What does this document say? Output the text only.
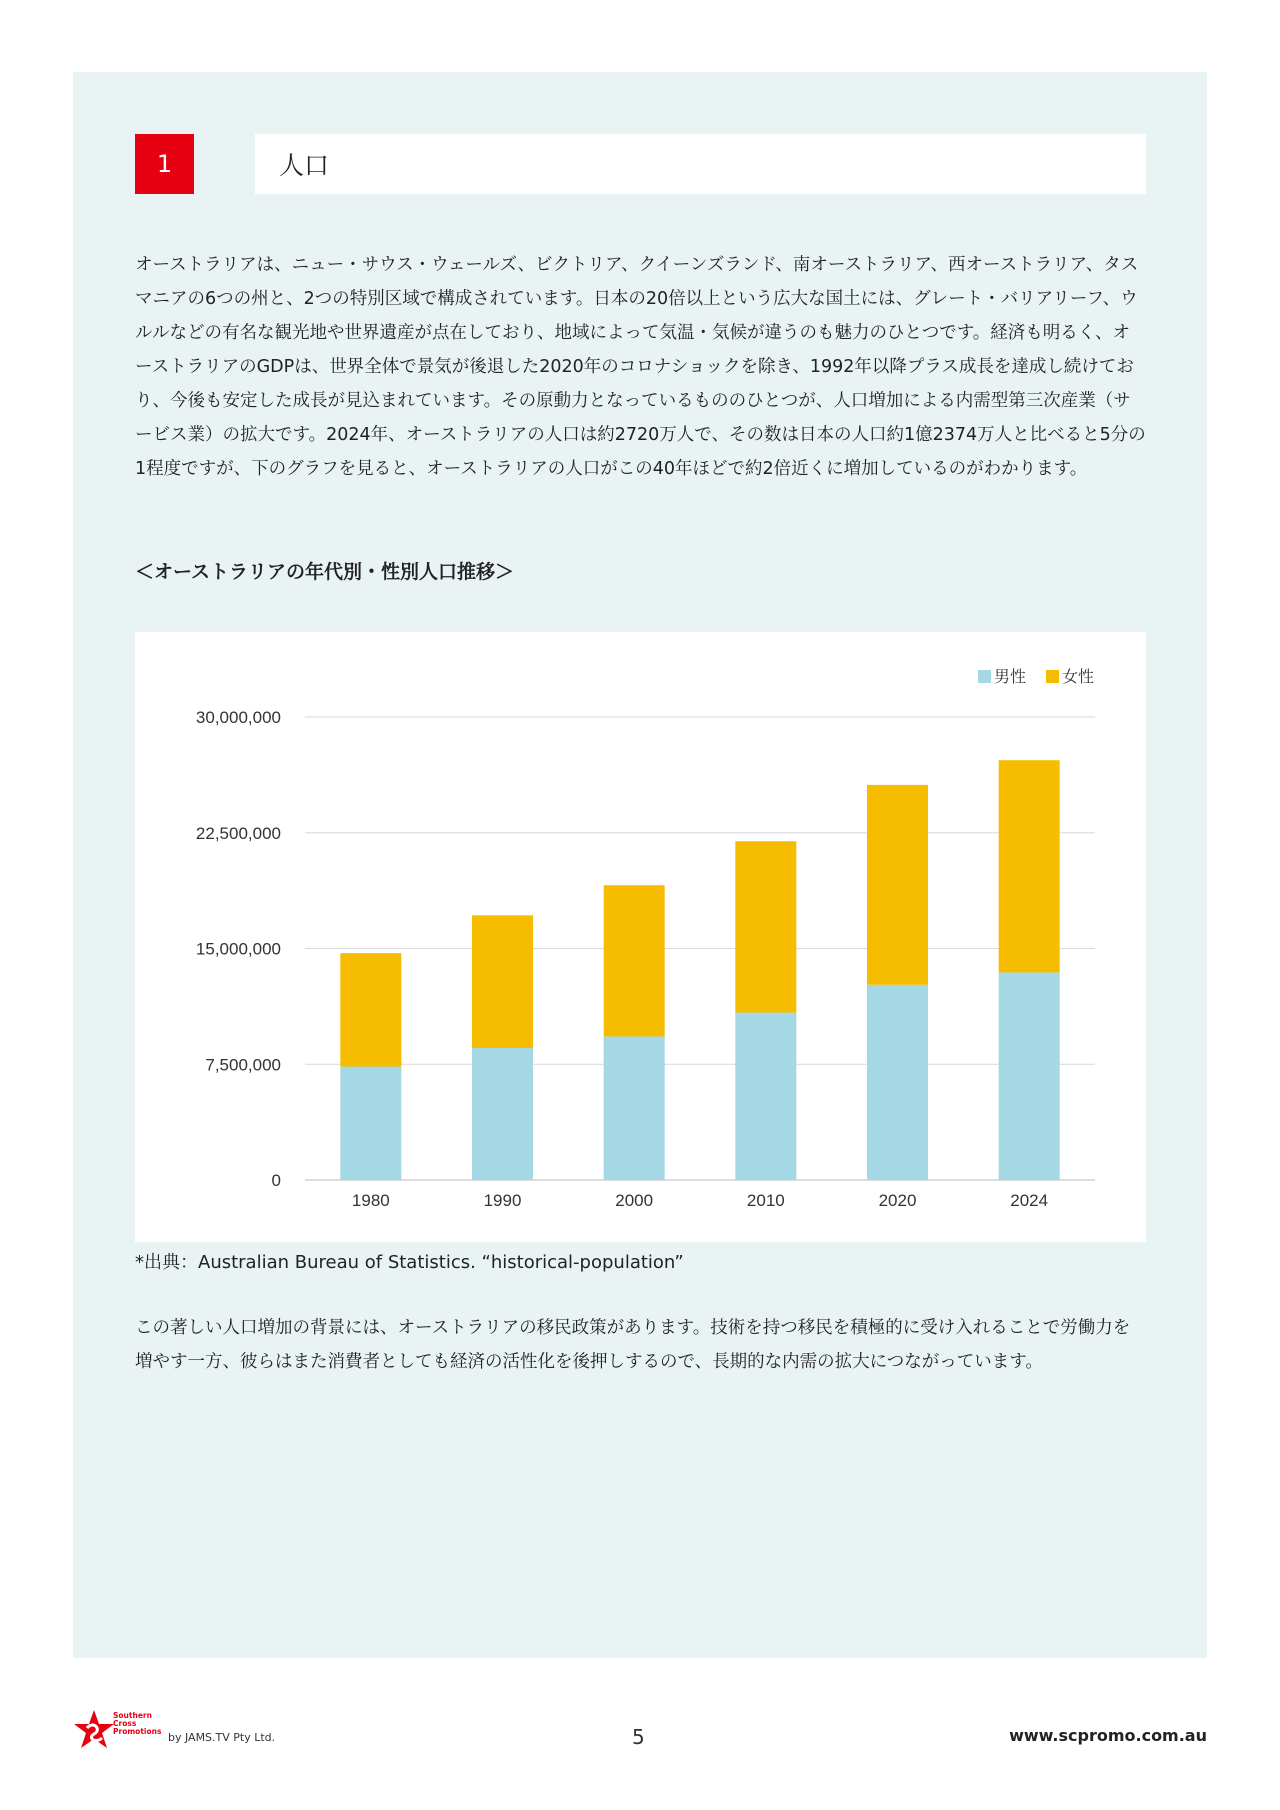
1	人口

オーストラリアは、ニュー・サウス・ウェールズ、ビクトリア、クイーンズランド、南オーストラリア、西オーストラリア、タスマニアの6つの州と、2つの特別区域で構成されています。日本の20倍以上という広大な国土には、グレート・バリアリーフ、ウルルなどの有名な観光地や世界遺産が点在しており、地域によって気温・気候が違うのも魅力のひとつです。経済も明るく、オーストラリアのGDPは、世界全体で景気が後退した2020年のコロナショックを除き、1992年以降プラス成長を達成し続けており、今後も安定した成長が見込まれています。その原動力となっているもののひとつが、人口増加による内需型第三次産業（サービス業）の拡大です。2024年、オーストラリアの人口は約2720万人で、その数は日本の人口約1億2374万人と比べると5分の1程度ですが、下のグラフを見ると、オーストラリアの人口がこの40年ほどで約2倍近くに増加しているのがわかります。

＜オーストラリアの年代別・性別人口推移＞
0
7,500,000
15,000,000
22,500,000
30,000,000
1980	1990	2000	2010	2020	2024
男性 女性
*出典：Australian Bureau of Statistics. “historical-population”

この著しい人口増加の背景には、オーストラリアの移民政策があります。技術を持つ移民を積極的に受け入れることで労働力を増やす一方、彼らはまた消費者としても経済の活性化を後押しするので、長期的な内需の拡大につながっています。

Southern
Cross
Promotions by JAMS.TV Pty Ltd.	5	www.scpromo.com.au
